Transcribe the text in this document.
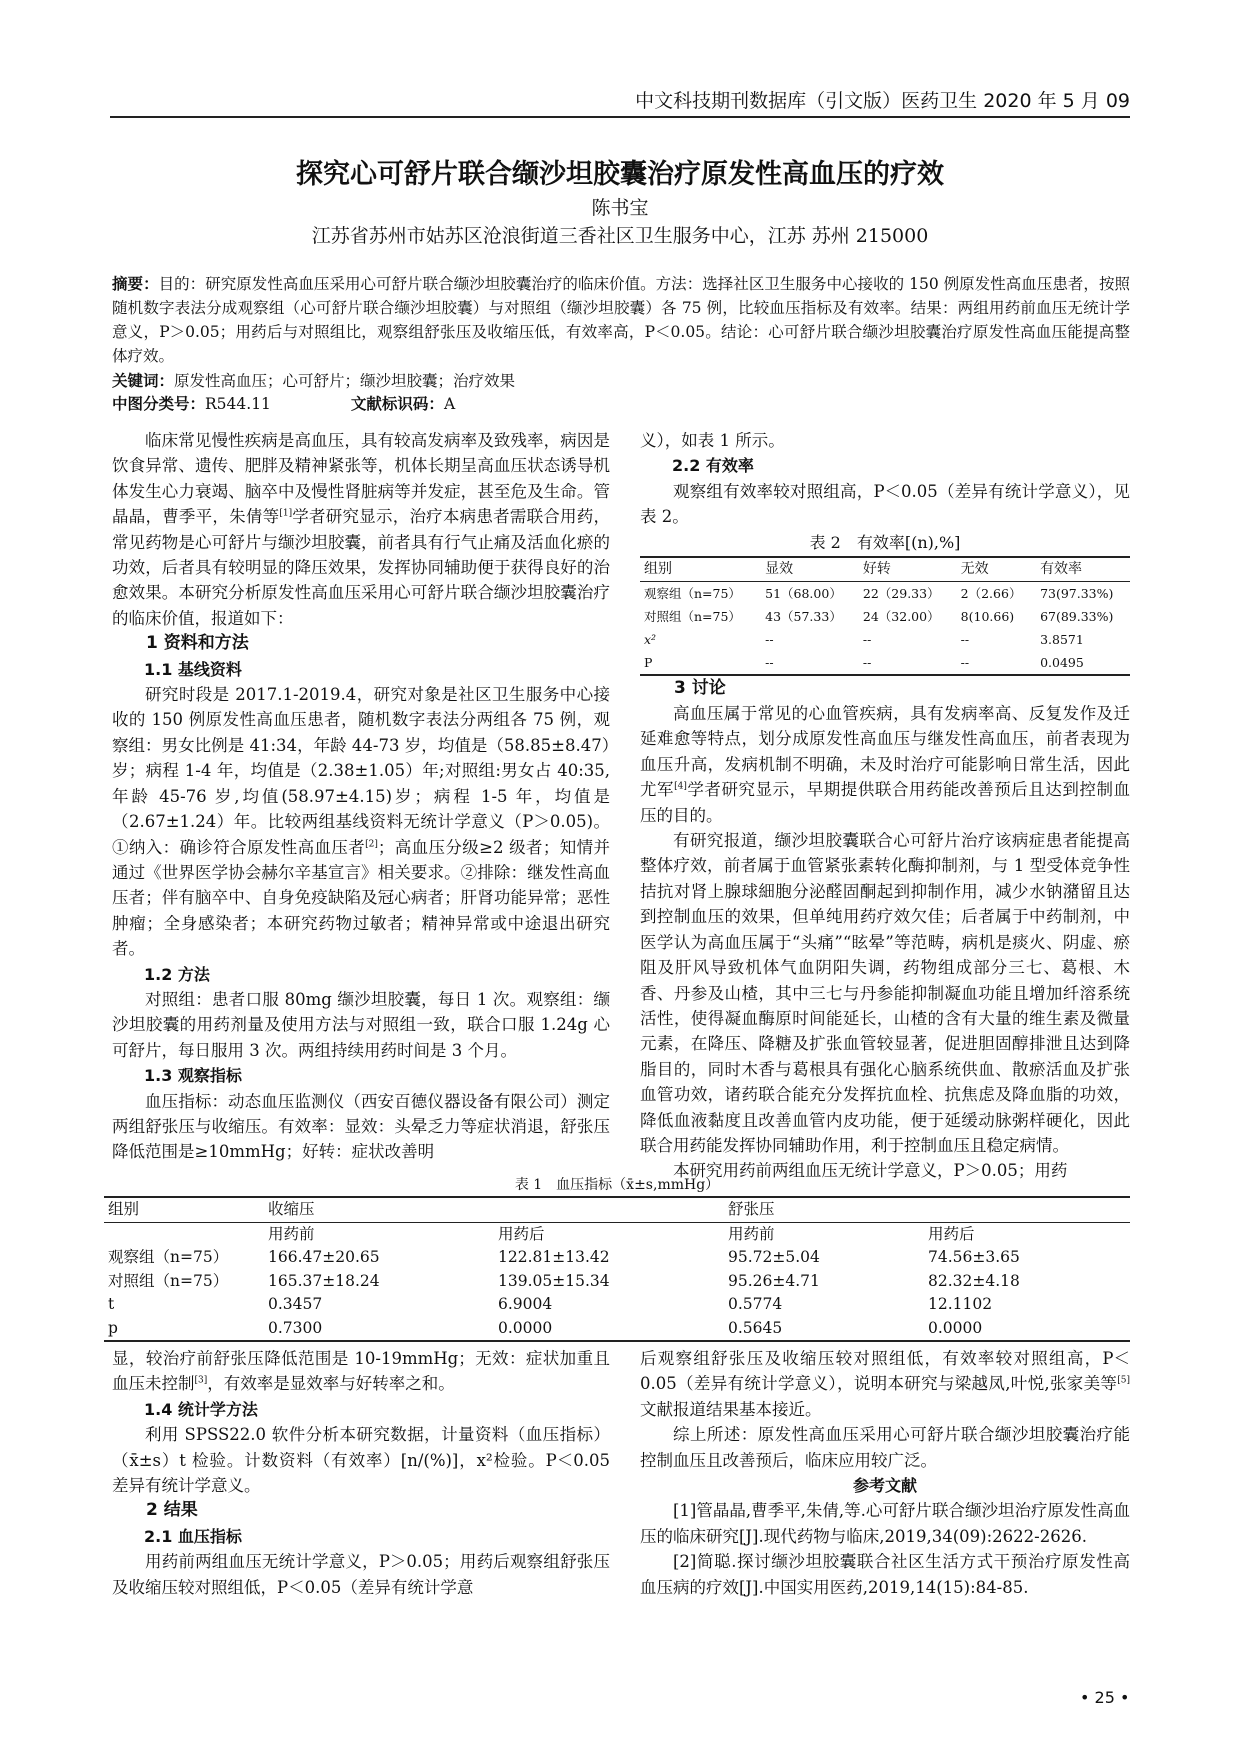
中文科技期刊数据库（引文版）医药卫生 2020 年 5 月 09
探究心可舒片联合缬沙坦胶囊治疗原发性高血压的疗效
陈书宝
江苏省苏州市姑苏区沧浪街道三香社区卫生服务中心，江苏 苏州 215000
摘要：目的：研究原发性高血压采用心可舒片联合缬沙坦胶囊治疗的临床价值。方法：选择社区卫生服务中心接收的 150 例原发性高血压患者，按照随机数字表法分成观察组（心可舒片联合缬沙坦胶囊）与对照组（缬沙坦胶囊）各 75 例，比较血压指标及有效率。结果：两组用药前血压无统计学意义，P＞0.05；用药后与对照组比，观察组舒张压及收缩压低，有效率高，P＜0.05。结论：心可舒片联合缬沙坦胶囊治疗原发性高血压能提高整体疗效。
关键词：原发性高血压；心可舒片；缬沙坦胶囊；治疗效果
中图分类号：R544.11	文献标识码：A

临床常见慢性疾病是高血压，具有较高发病率及致残率，病因是饮食异常、遗传、肥胖及精神紧张等，机体长期呈高血压状态诱导机体发生心力衰竭、脑卒中及慢性肾脏病等并发症，甚至危及生命。管晶晶，曹季平，朱倩等[1]学者研究显示，治疗本病患者需联合用药，常见药物是心可舒片与缬沙坦胶囊，前者具有行气止痛及活血化瘀的功效，后者具有较明显的降压效果，发挥协同辅助便于获得良好的治愈效果。本研究分析原发性高血压采用心可舒片联合缬沙坦胶囊治疗的临床价值，报道如下：

1 资料和方法
1.1 基线资料

研究时段是 2017.1-2019.4，研究对象是社区卫生服务中心接收的 150 例原发性高血压患者，随机数字表法分两组各 75 例，观察组：男女比例是 41:34，年龄 44-73 岁，均值是（58.85±8.47）岁；病程 1-4 年，均值是（2.38±1.05）年;对照组:男女占 40:35,年龄 45-76 岁,均值(58.97±4.15)岁；病程 1-5 年，均值是（2.67±1.24）年。比较两组基线资料无统计学意义（P＞0.05)。①纳入：确诊符合原发性高血压者[2]；高血压分级≥2 级者；知情并通过《世界医学协会赫尔辛基宣言》相关要求。②排除：继发性高血压者；伴有脑卒中、自身免疫缺陷及冠心病者；肝肾功能异常；恶性肿瘤；全身感染者；本研究药物过敏者；精神异常或中途退出研究者。

1.2 方法

对照组：患者口服 80mg 缬沙坦胶囊，每日 1 次。观察组：缬沙坦胶囊的用药剂量及使用方法与对照组一致，联合口服 1.24g 心可舒片，每日服用 3 次。两组持续用药时间是 3 个月。

1.3 观察指标

血压指标：动态血压监测仪（西安百德仪器设备有限公司）测定两组舒张压与收缩压。有效率：显效：头晕乏力等症状消退，舒张压降低范围是≥10mmHg；好转：症状改善明

义），如表 1 所示。

2.2 有效率

观察组有效率较对照组高，P＜0.05（差异有统计学意义），见表 2。

表 2　有效率[(n),%]
组别	显效	好转	无效	有效率
观察组（n=75）	51（68.00）	22（29.33）	2（2.66）	73(97.33%)
对照组（n=75）	43（57.33）	24（32.00）	8(10.66)	67(89.33%)
x²	--	--	--	3.8571
P	--	--	--	0.0495
3 讨论

高血压属于常见的心血管疾病，具有发病率高、反复发作及迁延难愈等特点，划分成原发性高血压与继发性高血压，前者表现为血压升高，发病机制不明确，未及时治疗可能影响日常生活，因此尤军[4]学者研究显示，早期提供联合用药能改善预后且达到控制血压的目的。

有研究报道，缬沙坦胶囊联合心可舒片治疗该病症患者能提高整体疗效，前者属于血管紧张素转化酶抑制剂，与 1 型受体竞争性拮抗对肾上腺球細胞分泌醛固酮起到抑制作用，减少水钠潴留且达到控制血压的效果，但单纯用药疗效欠佳；后者属于中药制剂，中医学认为高血压属于“头痛”“眩晕”等范畴，病机是痰火、阴虚、瘀阻及肝风导致机体气血阴阳失调，药物组成部分三七、葛根、木香、丹参及山楂，其中三七与丹参能抑制凝血功能且增加纤溶系统活性，使得凝血酶原时间能延长，山楂的含有大量的维生素及微量元素，在降压、降糖及扩张血管较显著，促进胆固醇排泄且达到降脂目的，同时木香与葛根具有强化心脑系统供血、散瘀活血及扩张血管功效，诸药联合能充分发挥抗血栓、抗焦虑及降血脂的功效，降低血液黏度且改善血管内皮功能，便于延缓动脉粥样硬化，因此联合用药能发挥协同辅助作用，利于控制血压且稳定病情。

本研究用药前两组血压无统计学意义，P＞0.05；用药

表 1　血压指标（x̄±s,mmHg）
组别	收缩压		舒张压	
	用药前	用药后	用药前	用药后
观察组（n=75）	166.47±20.65	122.81±13.42	95.72±5.04	74.56±3.65
对照组（n=75）	165.37±18.24	139.05±15.34	95.26±4.71	82.32±4.18
t	0.3457	6.9004	0.5774	12.1102
p	0.7300	0.0000	0.5645	0.0000

显，较治疗前舒张压降低范围是 10-19mmHg；无效：症状加重且血压未控制[3]，有效率是显效率与好转率之和。

1.4 统计学方法

利用 SPSS22.0 软件分析本研究数据，计量资料（血压指标）（x̄±s）t 检验。计数资料（有效率）[n/(%)]，x²检验。P＜0.05 差异有统计学意义。

2 结果
2.1 血压指标

用药前两组血压无统计学意义，P＞0.05；用药后观察组舒张压及收缩压较对照组低，P＜0.05（差异有统计学意

后观察组舒张压及收缩压较对照组低，有效率较对照组高，P＜0.05（差异有统计学意义），说明本研究与梁越凤,叶悦,张家美等[5]文献报道结果基本接近。

综上所述：原发性高血压采用心可舒片联合缬沙坦胶囊治疗能控制血压且改善预后，临床应用较广泛。

参考文献

[1]管晶晶,曹季平,朱倩,等.心可舒片联合缬沙坦治疗原发性高血压的临床研究[J].现代药物与临床,2019,34(09):2622-2626.

[2]简聪.探讨缬沙坦胶囊联合社区生活方式干预治疗原发性高血压病的疗效[J].中国实用医药,2019,14(15):84-85.

• 25 •
